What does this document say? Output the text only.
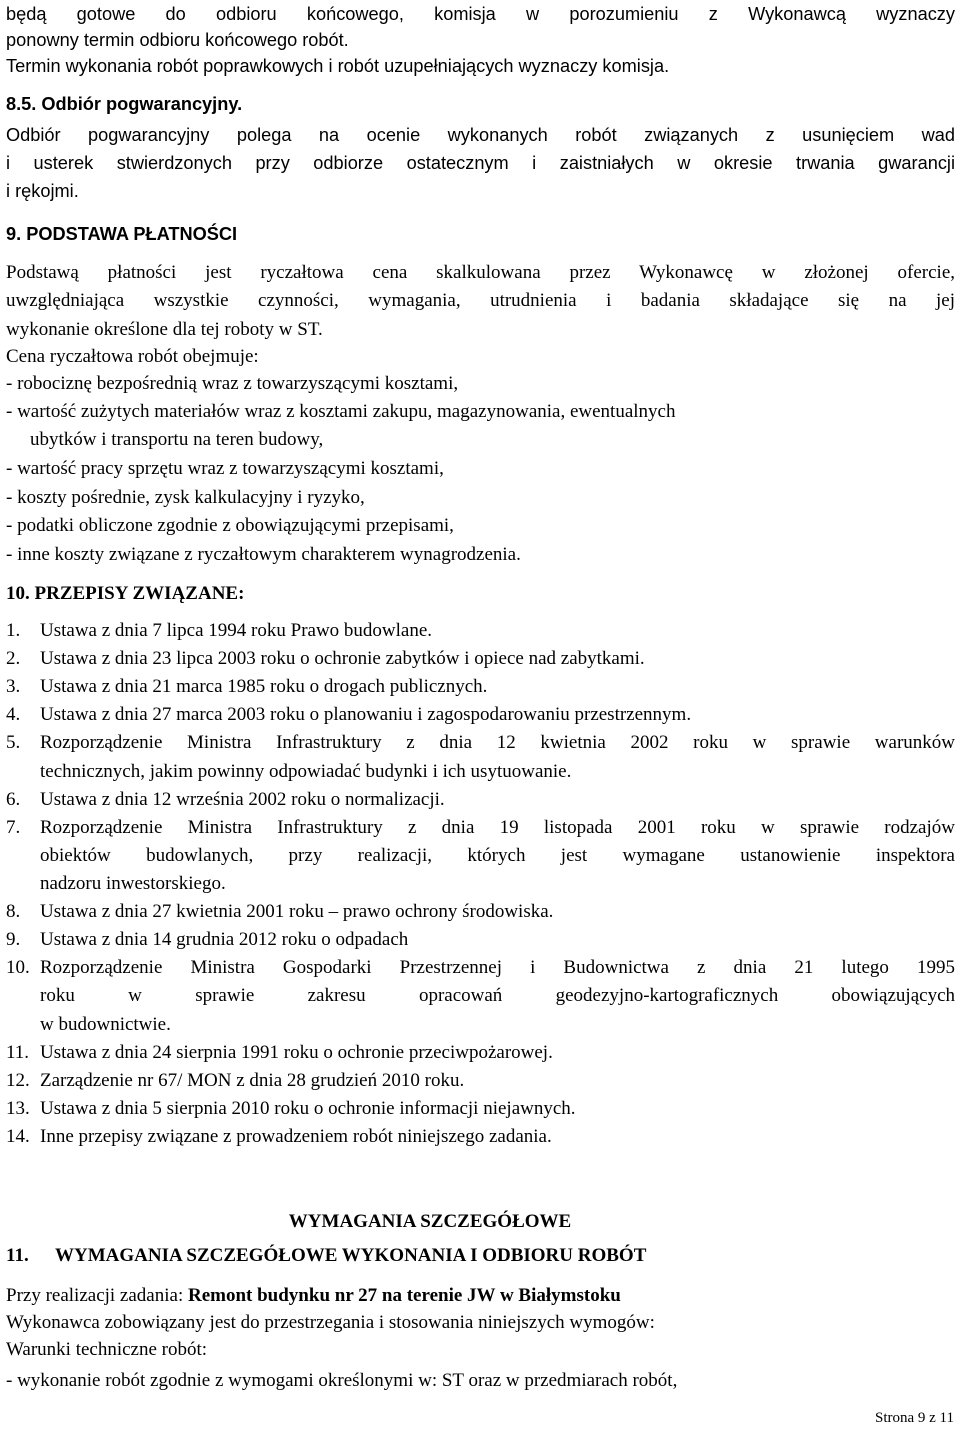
będą gotowe do odbioru końcowego, komisja w porozumieniu z Wykonawcą wyznaczy
ponowny termin odbioru końcowego robót.
Termin wykonania robót poprawkowych i robót uzupełniających wyznaczy komisja.
8.5. Odbiór pogwarancyjny.
Odbiór pogwarancyjny polega na ocenie wykonanych robót związanych z usunięciem wad
i usterek stwierdzonych przy odbiorze ostatecznym i zaistniałych w okresie trwania gwarancji
i rękojmi.
9. PODSTAWA PŁATNOŚCI
Podstawą płatności jest ryczałtowa cena skalkulowana przez Wykonawcę w złożonej ofercie,
uwzględniająca wszystkie czynności, wymagania, utrudnienia i badania składające się na jej
wykonanie określone dla tej roboty w ST.
Cena ryczałtowa robót obejmuje:
- robociznę bezpośrednią wraz z towarzyszącymi kosztami,
- wartość zużytych materiałów wraz z kosztami zakupu, magazynowania, ewentualnych
ubytków i transportu na teren budowy,
- wartość pracy sprzętu wraz z towarzyszącymi kosztami,
- koszty pośrednie, zysk kalkulacyjny i ryzyko,
- podatki obliczone zgodnie z obowiązującymi przepisami,
- inne koszty związane z ryczałtowym charakterem wynagrodzenia.
10. PRZEPISY ZWIĄZANE:
1.	Ustawa z dnia 7 lipca 1994 roku Prawo budowlane.
2.	Ustawa z dnia 23 lipca 2003 roku o ochronie zabytków i opiece nad zabytkami.
3.	Ustawa z dnia 21 marca 1985 roku o drogach publicznych.
4.	Ustawa z dnia 27 marca 2003 roku o planowaniu i zagospodarowaniu przestrzennym.
5.	Rozporządzenie Ministra Infrastruktury z dnia 12 kwietnia 2002 roku w sprawie warunków
technicznych, jakim powinny odpowiadać budynki i ich usytuowanie.
6.	Ustawa z dnia 12 września 2002 roku o normalizacji.
7.	Rozporządzenie Ministra Infrastruktury z dnia 19 listopada 2001 roku w sprawie rodzajów
obiektów budowlanych, przy realizacji, których jest wymagane ustanowienie inspektora
nadzoru inwestorskiego.
8.	Ustawa z dnia 27 kwietnia 2001 roku – prawo ochrony środowiska.
9.	Ustawa z dnia 14 grudnia 2012 roku o odpadach
10. Rozporządzenie Ministra Gospodarki Przestrzennej i Budownictwa z dnia 21 lutego 1995
roku w sprawie zakresu opracowań geodezyjno-kartograficznych obowiązujących
w budownictwie.
11. Ustawa z dnia 24 sierpnia 1991 roku o ochronie przeciwpożarowej.
12. Zarządzenie nr 67/ MON z dnia 28 grudzień 2010 roku.
13. Ustawa z dnia 5 sierpnia 2010 roku o ochronie informacji niejawnych.
14. Inne przepisy związane z prowadzeniem robót niniejszego zadania.
WYMAGANIA SZCZEGÓŁOWE
11.	WYMAGANIA SZCZEGÓŁOWE WYKONANIA I ODBIORU ROBÓT
Przy realizacji zadania: Remont budynku nr 27 na terenie JW w Białymstoku
Wykonawca zobowiązany jest do przestrzegania i stosowania niniejszych wymogów:
Warunki techniczne robót:
- wykonanie robót zgodnie z wymogami określonymi w: ST oraz w przedmiarach robót,
Strona 9 z 11
